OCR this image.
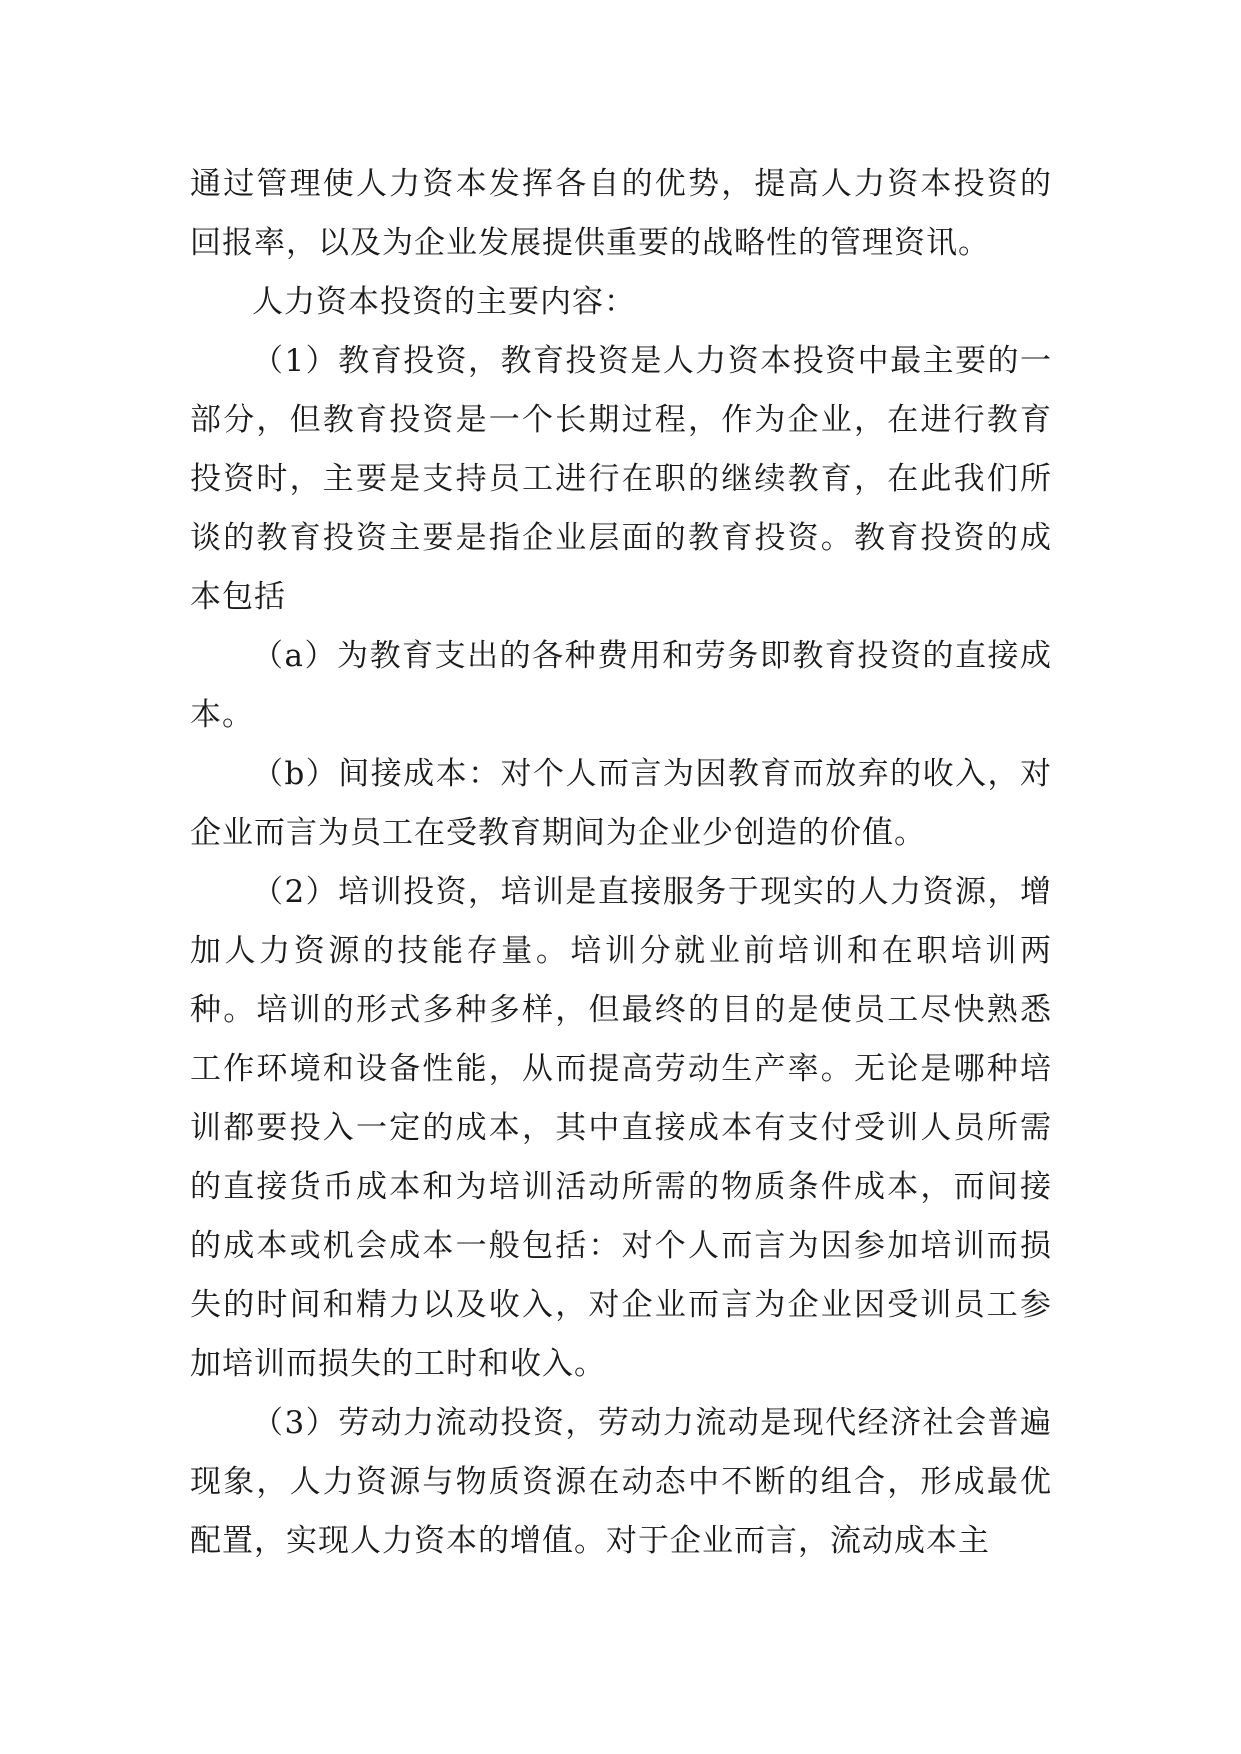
通过管理使人力资本发挥各自的优势，提高人力资本投资的回报率，以及为企业发展提供重要的战略性的管理资讯。

人力资本投资的主要内容：

（1）教育投资，教育投资是人力资本投资中最主要的一部分，但教育投资是一个长期过程，作为企业，在进行教育投资时，主要是支持员工进行在职的继续教育，在此我们所谈的教育投资主要是指企业层面的教育投资。教育投资的成本包括

（a）为教育支出的各种费用和劳务即教育投资的直接成本。

（b）间接成本：对个人而言为因教育而放弃的收入，对企业而言为员工在受教育期间为企业少创造的价值。

（2）培训投资，培训是直接服务于现实的人力资源，增加人力资源的技能存量。培训分就业前培训和在职培训两种。培训的形式多种多样，但最终的目的是使员工尽快熟悉工作环境和设备性能，从而提高劳动生产率。无论是哪种培训都要投入一定的成本，其中直接成本有支付受训人员所需的直接货币成本和为培训活动所需的物质条件成本，而间接的成本或机会成本一般包括：对个人而言为因参加培训而损失的时间和精力以及收入，对企业而言为企业因受训员工参加培训而损失的工时和收入。

（3）劳动力流动投资，劳动力流动是现代经济社会普遍现象，人力资源与物质资源在动态中不断的组合，形成最优配置，实现人力资本的增值。对于企业而言，流动成本主
